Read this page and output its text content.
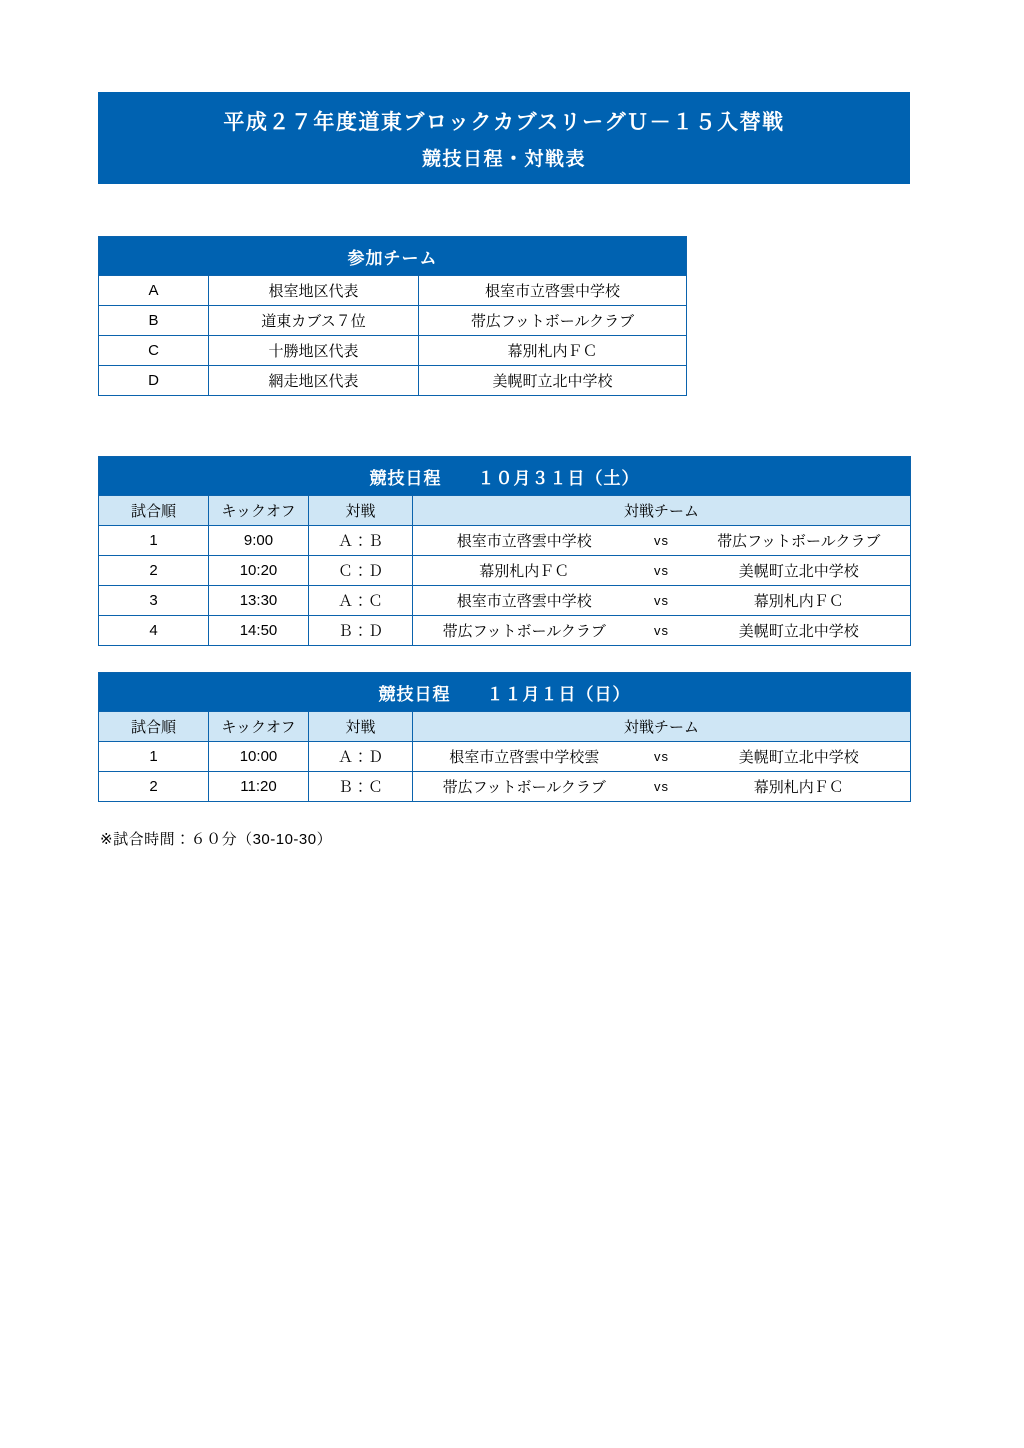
平成２７年度道東ブロックカブスリーグＵ－１５入替戦
競技日程・対戦表
参加チーム		
A	根室地区代表	根室市立啓雲中学校
B	道東カブス７位	帯広フットボールクラブ
C	十勝地区代表	幕別札内ＦＣ
D	網走地区代表	美幌町立北中学校
競技日程　　１０月３１日（土）			
試合順	キックオフ	対戦	対戦チーム
1	9:00	Ａ：Ｂ	根室市立啓雲中学校 vs 帯広フットボールクラブ

2	10:20	Ｃ：Ｄ	幕別札内ＦＣ vs 美幌町立北中学校

3	13:30	Ａ：Ｃ	根室市立啓雲中学校 vs 幕別札内ＦＣ

4	14:50	Ｂ：Ｄ	帯広フットボールクラブ vs 美幌町立北中学校
競技日程　　１１月１日（日）			
試合順	キックオフ	対戦	対戦チーム
1	10:00	Ａ：Ｄ	根室市立啓雲中学校雲 vs 美幌町立北中学校

2	11:20	Ｂ：Ｃ	帯広フットボールクラブ vs 幕別札内ＦＣ
※試合時間：６０分（30-10-30）
